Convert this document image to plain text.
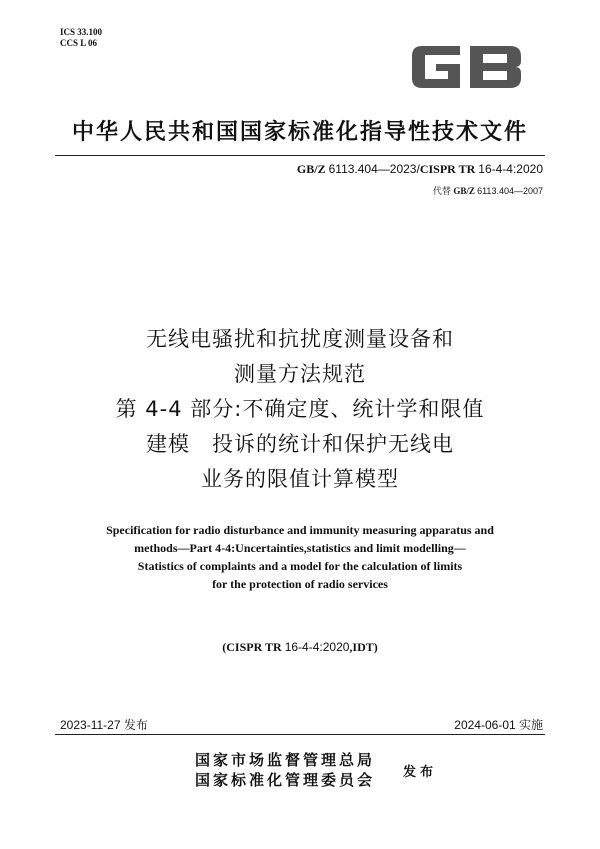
ICS 33.100
CCS L 06
中华人民共和国国家标准化指导性技术文件
GB/Z 6113.404—2023/CISPR TR 16-4-4:2020
代替 GB/Z 6113.404—2007
无线电骚扰和抗扰度测量设备和
测量方法规范
第 4-4 部分:不确定度、统计学和限值
建模　投诉的统计和保护无线电
业务的限值计算模型
Specification for radio disturbance and immunity measuring apparatus and
methods—Part 4-4:Uncertainties,statistics and limit modelling—
Statistics of complaints and a model for the calculation of limits
for the protection of radio services
(CISPR TR 16-4-4:2020,IDT)
2023-11-27 发布	2024-06-01 实施
国家市场监督管理总局
国家标准化管理委员会 发布
